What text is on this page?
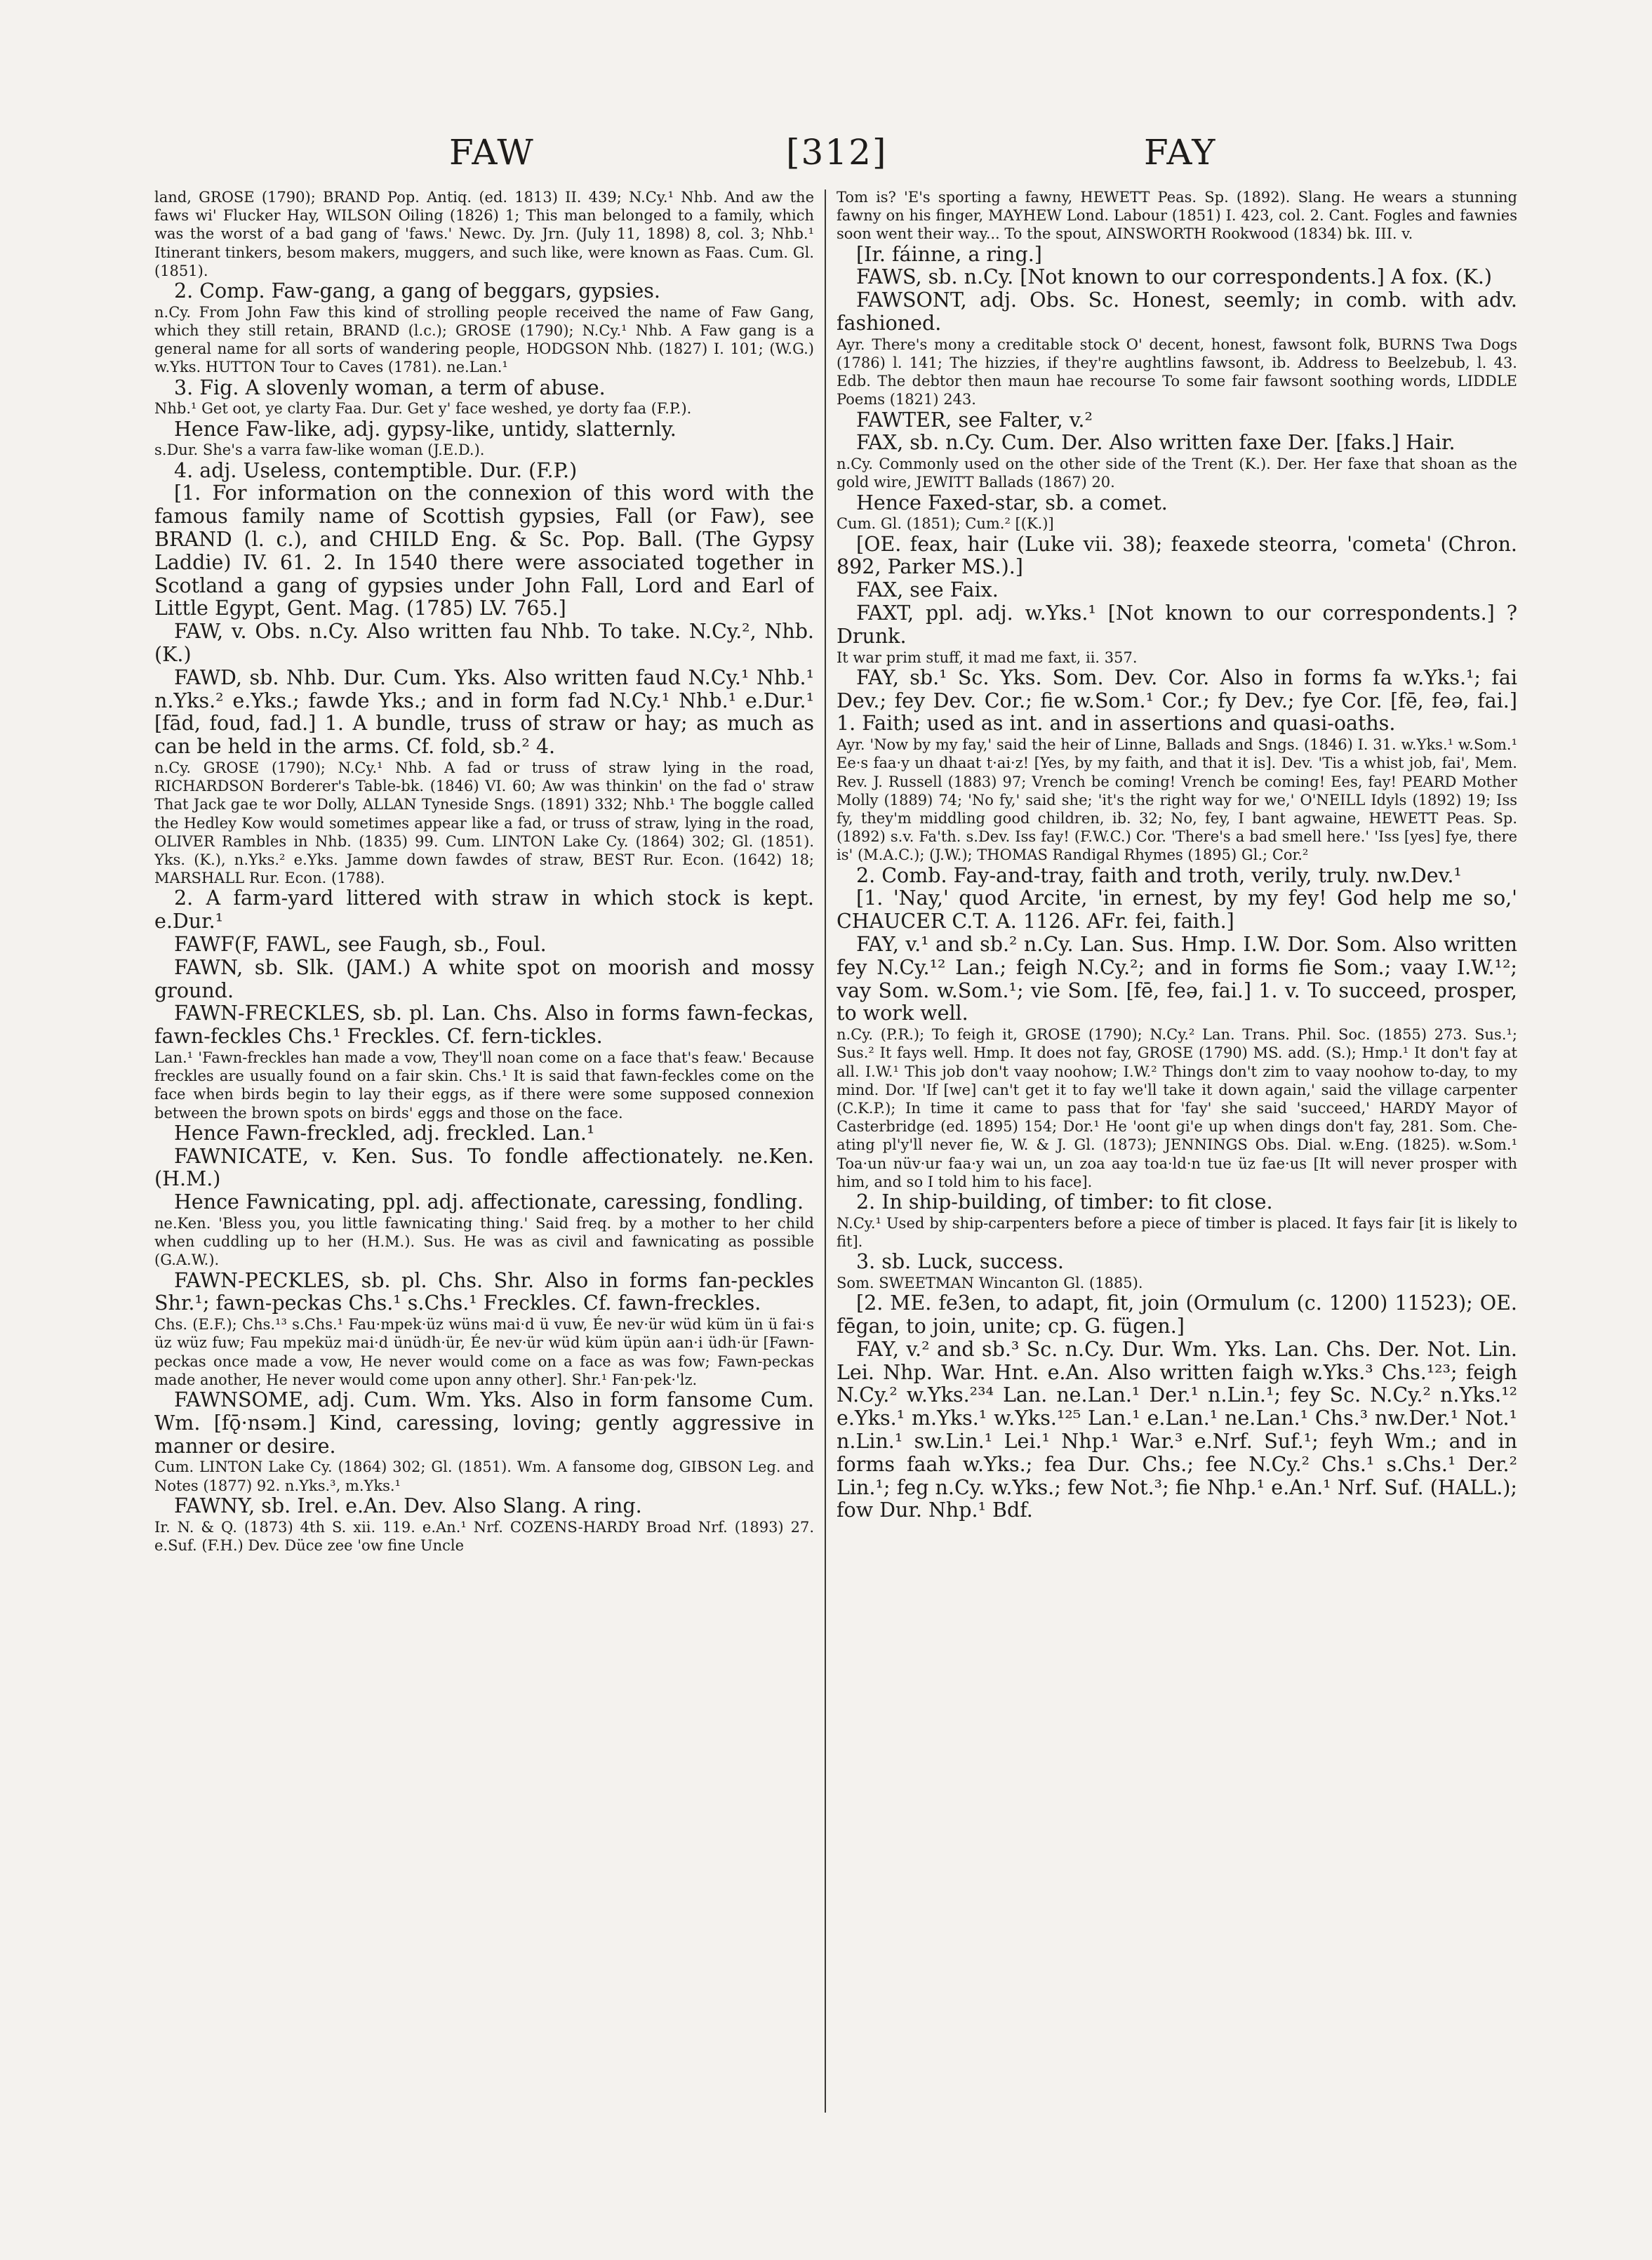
FAW	[312]	FAY

land, GROSE (1790); BRAND Pop. Antiq. (ed. 1813) II. 439; N.Cy.¹ Nhb. And aw the faws wi' Flucker Hay, WILSON Oiling (1826) 1; This man belonged to a family, which was the worst of a bad gang of 'faws.' Newc. Dy. Jrn. (July 11, 1898) 8, col. 3; Nhb.¹ Itinerant tinkers, besom makers, muggers, and such like, were known as Faas. Cum. Gl. (1851).

2. Comp. Faw-gang, a gang of beggars, gypsies.

n.Cy. From John Faw this kind of strolling people received the name of Faw Gang, which they still retain, BRAND (l.c.); GROSE (1790); N.Cy.¹ Nhb. A Faw gang is a general name for all sorts of wandering people, HODGSON Nhb. (1827) I. 101; (W.G.) w.Yks. HUTTON Tour to Caves (1781). ne.Lan.¹

3. Fig. A slovenly woman, a term of abuse.

Nhb.¹ Get oot, ye clarty Faa. Dur. Get y' face weshed, ye dorty faa (F.P.).

Hence Faw-like, adj. gypsy-like, untidy, slatternly.

s.Dur. She's a varra faw-like woman (J.E.D.).

4. adj. Useless, contemptible. Dur. (F.P.)

[1. For information on the connexion of this word with the famous family name of Scottish gypsies, Fall (or Faw), see BRAND (l. c.), and CHILD Eng. & Sc. Pop. Ball. (The Gypsy Laddie) IV. 61. 2. In 1540 there were associated together in Scotland a gang of gypsies under John Fall, Lord and Earl of Little Egypt, Gent. Mag. (1785) LV. 765.]

FAW, v. Obs. n.Cy. Also written fau Nhb. To take. N.Cy.², Nhb. (K.)

FAWD, sb. Nhb. Dur. Cum. Yks. Also written faud N.Cy.¹ Nhb.¹ n.Yks.² e.Yks.; fawde Yks.; and in form fad N.Cy.¹ Nhb.¹ e.Dur.¹ [fād, foud, fad.] 1. A bundle, truss of straw or hay; as much as can be held in the arms. Cf. fold, sb.² 4.

n.Cy. GROSE (1790); N.Cy.¹ Nhb. A fad or truss of straw lying in the road, RICHARDSON Borderer's Table-bk. (1846) VI. 60; Aw was thinkin' on the fad o' straw That Jack gae te wor Dolly, ALLAN Tyneside Sngs. (1891) 332; Nhb.¹ The boggle called the Hedley Kow would sometimes appear like a fad, or truss of straw, lying in the road, OLIVER Rambles in Nhb. (1835) 99. Cum. LINTON Lake Cy. (1864) 302; Gl. (1851). Yks. (K.), n.Yks.² e.Yks. Jamme down fawdes of straw, BEST Rur. Econ. (1642) 18; MARSHALL Rur. Econ. (1788).

2. A farm-yard littered with straw in which stock is kept. e.Dur.¹

FAWF(F, FAWL, see Faugh, sb., Foul.

FAWN, sb. Slk. (JAM.) A white spot on moorish and mossy ground.

FAWN-FRECKLES, sb. pl. Lan. Chs. Also in forms fawn-feckas, fawn-feckles Chs.¹ Freckles. Cf. fern-tickles.

Lan.¹ 'Fawn-freckles han made a vow, They'll noan come on a face that's feaw.' Because freckles are usually found on a fair skin. Chs.¹ It is said that fawn-feckles come on the face when birds begin to lay their eggs, as if there were some supposed connexion between the brown spots on birds' eggs and those on the face.

Hence Fawn-freckled, adj. freckled. Lan.¹

FAWNICATE, v. Ken. Sus. To fondle affectionately. ne.Ken. (H.M.)

Hence Fawnicating, ppl. adj. affectionate, caressing, fondling.

ne.Ken. 'Bless you, you little fawnicating thing.' Said freq. by a mother to her child when cuddling up to her (H.M.). Sus. He was as civil and fawnicating as possible (G.A.W.).

FAWN-PECKLES, sb. pl. Chs. Shr. Also in forms fan-peckles Shr.¹; fawn-peckas Chs.¹ s.Chs.¹ Freckles. Cf. fawn-freckles.

Chs. (E.F.); Chs.¹³ s.Chs.¹ Fau·mpek·üz wüns mai·d ü vuw, Ée nev·ür wüd küm ün ü fai·s üz wüz fuw; Fau mpeküz mai·d ünüdh·ür, Ée nev·ür wüd küm üpün aan·i üdh·ür [Fawn-peckas once made a vow, He never would come on a face as was fow; Fawn-peckas made another, He never would come upon anny other]. Shr.¹ Fan·pek·'lz.

FAWNSOME, adj. Cum. Wm. Yks. Also in form fansome Cum. Wm. [fǭ·nsəm.] Kind, caressing, loving; gently aggressive in manner or desire.

Cum. LINTON Lake Cy. (1864) 302; Gl. (1851). Wm. A fansome dog, GIBSON Leg. and Notes (1877) 92. n.Yks.³, m.Yks.¹

FAWNY, sb. Irel. e.An. Dev. Also Slang. A ring.

Ir. N. & Q. (1873) 4th S. xii. 119. e.An.¹ Nrf. COZENS-HARDY Broad Nrf. (1893) 27. e.Suf. (F.H.) Dev. Düce zee 'ow fine Uncle

Tom is? 'E's sporting a fawny, HEWETT Peas. Sp. (1892). Slang. He wears a stunning fawny on his finger, MAYHEW Lond. Labour (1851) I. 423, col. 2. Cant. Fogles and fawnies soon went their way... To the spout, AINSWORTH Rookwood (1834) bk. III. v.

[Ir. fáinne, a ring.]

FAWS, sb. n.Cy. [Not known to our correspondents.] A fox. (K.)

FAWSONT, adj. Obs. Sc. Honest, seemly; in comb. with adv. fashioned.

Ayr. There's mony a creditable stock O' decent, honest, fawsont folk, BURNS Twa Dogs (1786) l. 141; The hizzies, if they're aughtlins fawsont, ib. Address to Beelzebub, l. 43. Edb. The debtor then maun hae recourse To some fair fawsont soothing words, LIDDLE Poems (1821) 243.

FAWTER, see Falter, v.²

FAX, sb. n.Cy. Cum. Der. Also written faxe Der. [faks.] Hair.

n.Cy. Commonly used on the other side of the Trent (K.). Der. Her faxe that shoan as the gold wire, JEWITT Ballads (1867) 20.

Hence Faxed-star, sb. a comet.

Cum. Gl. (1851); Cum.² [(K.)]

[OE. feax, hair (Luke vii. 38); feaxede steorra, 'cometa' (Chron. 892, Parker MS.).]

FAX, see Faix.

FAXT, ppl. adj. w.Yks.¹ [Not known to our correspondents.] ? Drunk.

It war prim stuff, it mad me faxt, ii. 357.

FAY, sb.¹ Sc. Yks. Som. Dev. Cor. Also in forms fa w.Yks.¹; fai Dev.; fey Dev. Cor.; fie w.Som.¹ Cor.; fy Dev.; fye Cor. [fē, feə, fai.] 1. Faith; used as int. and in assertions and quasi-oaths.

Ayr. 'Now by my fay,' said the heir of Linne, Ballads and Sngs. (1846) I. 31. w.Yks.¹ w.Som.¹ Ee·s faa·y un dhaat t·ai·z! [Yes, by my faith, and that it is]. Dev. 'Tis a whist job, fai', Mem. Rev. J. Russell (1883) 97; Vrench be coming! Vrench be coming! Ees, fay! PEARD Mother Molly (1889) 74; 'No fy,' said she; 'it's the right way for we,' O'NEILL Idyls (1892) 19; Iss fy, they'm middling good children, ib. 32; No, fey, I bant agwaine, HEWETT Peas. Sp. (1892) s.v. Fa'th. s.Dev. Iss fay! (F.W.C.) Cor. 'There's a bad smell here.' 'Iss [yes] fye, there is' (M.A.C.); (J.W.); THOMAS Randigal Rhymes (1895) Gl.; Cor.²

2. Comb. Fay-and-tray, faith and troth, verily, truly. nw.Dev.¹

[1. 'Nay,' quod Arcite, 'in ernest, by my fey! God help me so,' CHAUCER C.T. A. 1126. AFr. fei, faith.]

FAY, v.¹ and sb.² n.Cy. Lan. Sus. Hmp. I.W. Dor. Som. Also written fey N.Cy.¹² Lan.; feigh N.Cy.²; and in forms fie Som.; vaay I.W.¹²; vay Som. w.Som.¹; vie Som. [fē, feə, fai.] 1. v. To succeed, prosper, to work well.

n.Cy. (P.R.); To feigh it, GROSE (1790); N.Cy.² Lan. Trans. Phil. Soc. (1855) 273. Sus.¹; Sus.² It fays well. Hmp. It does not fay, GROSE (1790) MS. add. (S.); Hmp.¹ It don't fay at all. I.W.¹ This job don't vaay noohow; I.W.² Things don't zim to vaay noohow to-day, to my mind. Dor. 'If [we] can't get it to fay we'll take it down again,' said the village carpenter (C.K.P.); In time it came to pass that for 'fay' she said 'succeed,' HARDY Mayor of Casterbridge (ed. 1895) 154; Dor.¹ He 'oont gi'e up when dings don't fay, 281. Som. Che-ating pl'y'll never fie, W. & J. Gl. (1873); JENNINGS Obs. Dial. w.Eng. (1825). w.Som.¹ Toa·un nüv·ur faa·y wai un, un zoa aay toa·ld·n tue üz fae·us [It will never prosper with him, and so I told him to his face].

2. In ship-building, of timber: to fit close.

N.Cy.¹ Used by ship-carpenters before a piece of timber is placed. It fays fair [it is likely to fit].

3. sb. Luck, success.

Som. SWEETMAN Wincanton Gl. (1885).

[2. ME. fe3en, to adapt, fit, join (Ormulum (c. 1200) 11523); OE. fēgan, to join, unite; cp. G. fügen.]

FAY, v.² and sb.³ Sc. n.Cy. Dur. Wm. Yks. Lan. Chs. Der. Not. Lin. Lei. Nhp. War. Hnt. e.An. Also written faigh w.Yks.³ Chs.¹²³; feigh N.Cy.² w.Yks.²³⁴ Lan. ne.Lan.¹ Der.¹ n.Lin.¹; fey Sc. N.Cy.² n.Yks.¹² e.Yks.¹ m.Yks.¹ w.Yks.¹²⁵ Lan.¹ e.Lan.¹ ne.Lan.¹ Chs.³ nw.Der.¹ Not.¹ n.Lin.¹ sw.Lin.¹ Lei.¹ Nhp.¹ War.³ e.Nrf. Suf.¹; feyh Wm.; and in forms faah w.Yks.; fea Dur. Chs.; fee N.Cy.² Chs.¹ s.Chs.¹ Der.² Lin.¹; feg n.Cy. w.Yks.; few Not.³; fie Nhp.¹ e.An.¹ Nrf. Suf. (HALL.); fow Dur. Nhp.¹ Bdf.
